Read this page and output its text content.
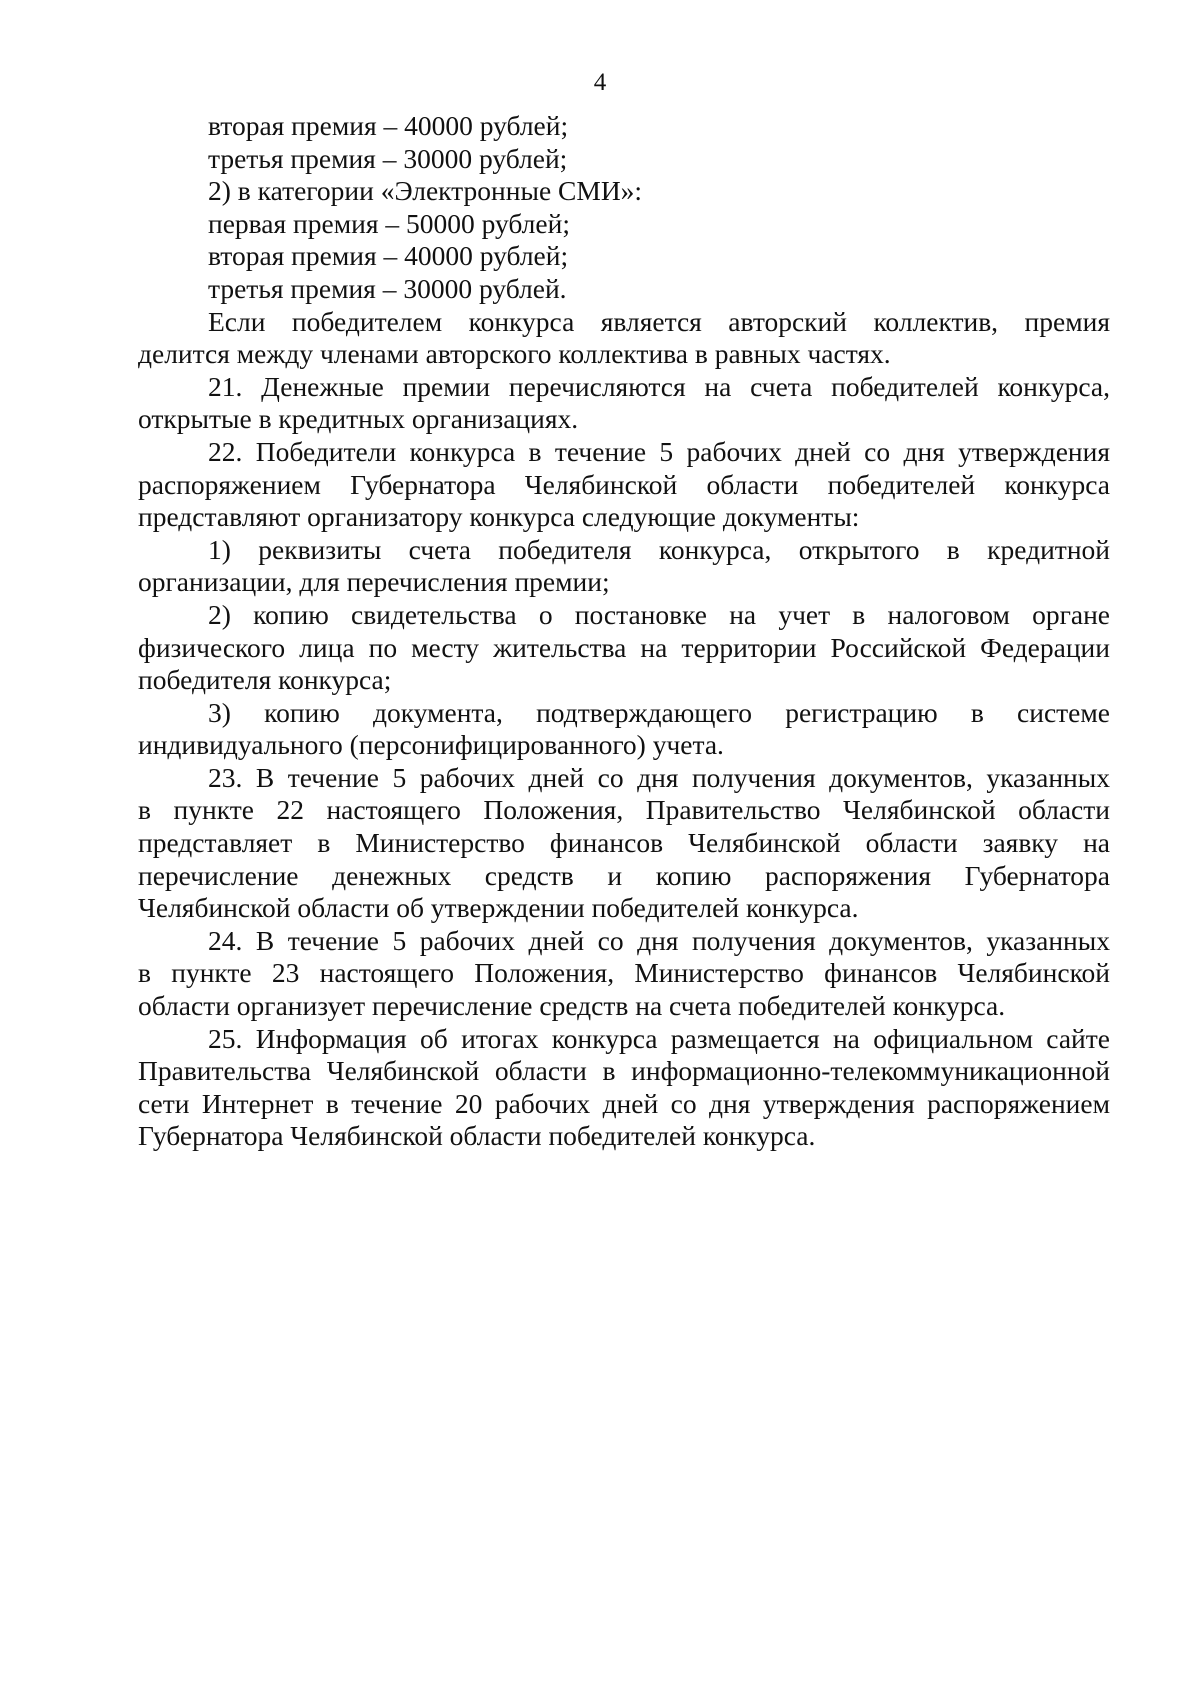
4
вторая премия – 40000 рублей;
третья премия – 30000 рублей;
2) в категории «Электронные СМИ»:
первая премия – 50000 рублей;
вторая премия – 40000 рублей;
третья премия – 30000 рублей.
Если победителем конкурса является авторский коллектив, премия
делится между членами авторского коллектива в равных частях.
21. Денежные премии перечисляются на счета победителей конкурса,
открытые в кредитных организациях.
22. Победители конкурса в течение 5 рабочих дней со дня утверждения
распоряжением Губернатора Челябинской области победителей конкурса
представляют организатору конкурса следующие документы:
1) реквизиты счета победителя конкурса, открытого в кредитной
организации, для перечисления премии;
2) копию свидетельства о постановке на учет в налоговом органе
физического лица по месту жительства на территории Российской Федерации
победителя конкурса;
3) копию документа, подтверждающего регистрацию в системе
индивидуального (персонифицированного) учета.
23. В течение 5 рабочих дней со дня получения документов, указанных
в пункте 22 настоящего Положения, Правительство Челябинской области
представляет в Министерство финансов Челябинской области заявку на
перечисление денежных средств и копию распоряжения Губернатора
Челябинской области об утверждении победителей конкурса.
24. В течение 5 рабочих дней со дня получения документов, указанных
в пункте 23 настоящего Положения, Министерство финансов Челябинской
области организует перечисление средств на счета победителей конкурса.
25. Информация об итогах конкурса размещается на официальном сайте
Правительства Челябинской области в информационно-телекоммуникационной
сети Интернет в течение 20 рабочих дней со дня утверждения распоряжением
Губернатора Челябинской области победителей конкурса.
